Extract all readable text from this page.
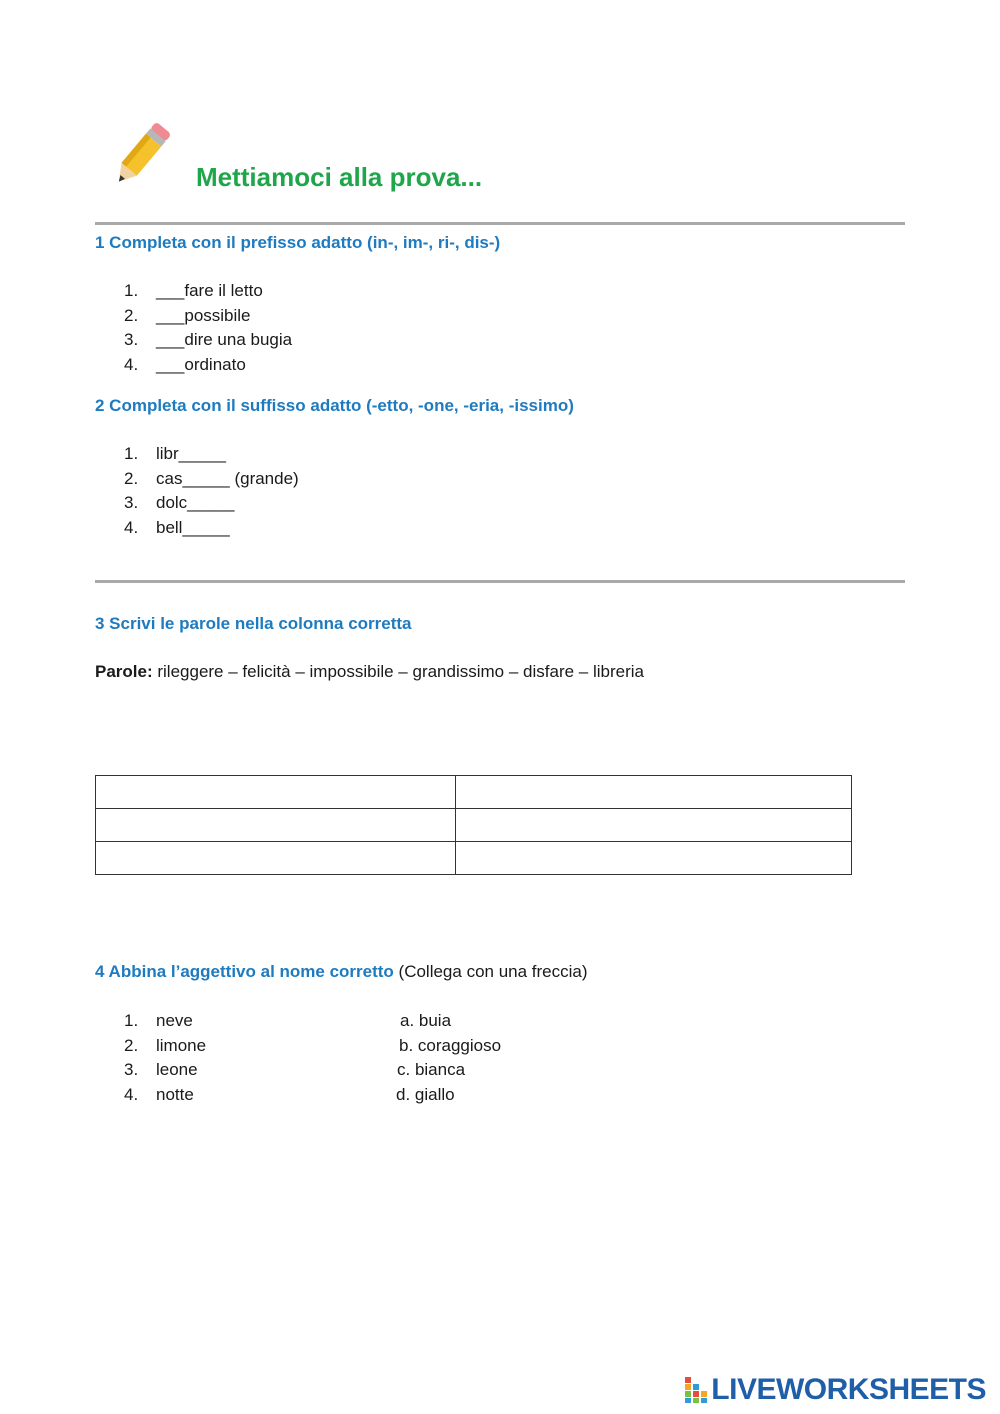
Mettiamoci alla prova...
1 Completa con il prefisso adatto (in-, im-, ri-, dis-)
1. ___fare il letto
2. ___possibile
3. ___dire una bugia
4. ___ordinato
2 Completa con il suffisso adatto (-etto, -one, -eria, -issimo)
1. libr_____
2. cas_____ (grande)
3. dolc_____
4. bell_____
3 Scrivi le parole nella colonna corretta
Parole: rileggere – felicità – impossibile – grandissimo – disfare – libreria

4 Abbina l’aggettivo al nome corretto (Collega con una freccia)
1. neve
2. limone
3. leone
4. notte
a. buia
b. coraggioso
c. bianca
d. giallo
LIVEWORKSHEETS
